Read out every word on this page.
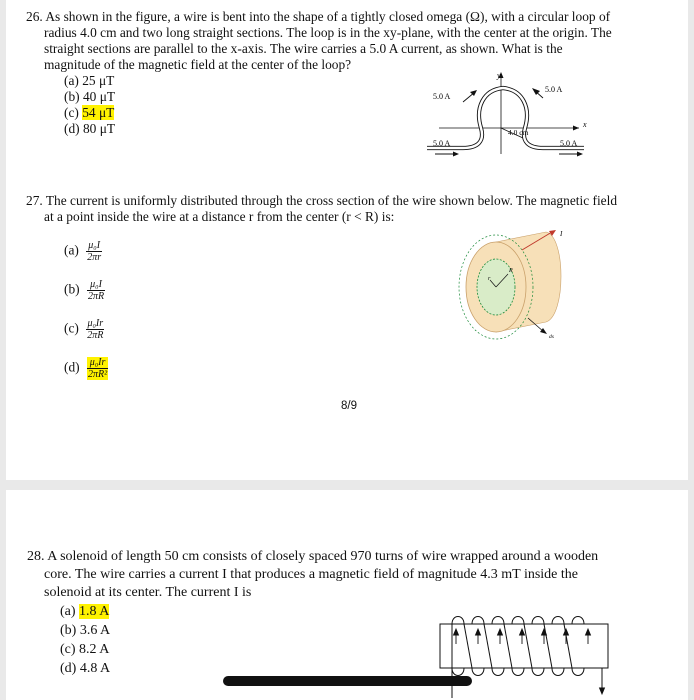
26. As shown in the figure, a wire is bent into the shape of a tightly closed omega (Ω), with a circular loop of
radius 4.0 cm and two long straight sections. The loop is in the xy-plane, with the center at the origin. The
straight sections are parallel to the x-axis. The wire carries a 5.0 A current, as shown. What is the
magnitude of the magnetic field at the center of the loop?
(a) 25 μT
(b) 40 μT
(c) 54 μT
(d) 80 μT
y
x
5.0 A
5.0 A
5.0 A	5.0 A
4.0 cm
27. The current is uniformly distributed through the cross section of the wire shown below. The magnetic field
at a point inside the wire at a distance r from the center (r < R) is:
$(a) \frac{\text{μ₀I}}{2\pi r}$
$(b) \frac{\text{μ₀I}}{2\pi R}$
$(c) \frac{\text{μ₀Ir}}{2\pi R}$
$(d) \frac{\text{μ₀Ir}}{\text{2πR²}}$
I
R
r
ds
8/9
28. A solenoid of length 50 cm consists of closely spaced 970 turns of wire wrapped around a wooden
core. The wire carries a current I that produces a magnetic field of magnitude 4.3 mT inside the
solenoid at its center. The current I is
(a) 1.8 A
(b) 3.6 A
(c) 8.2 A
(d) 4.8 A
